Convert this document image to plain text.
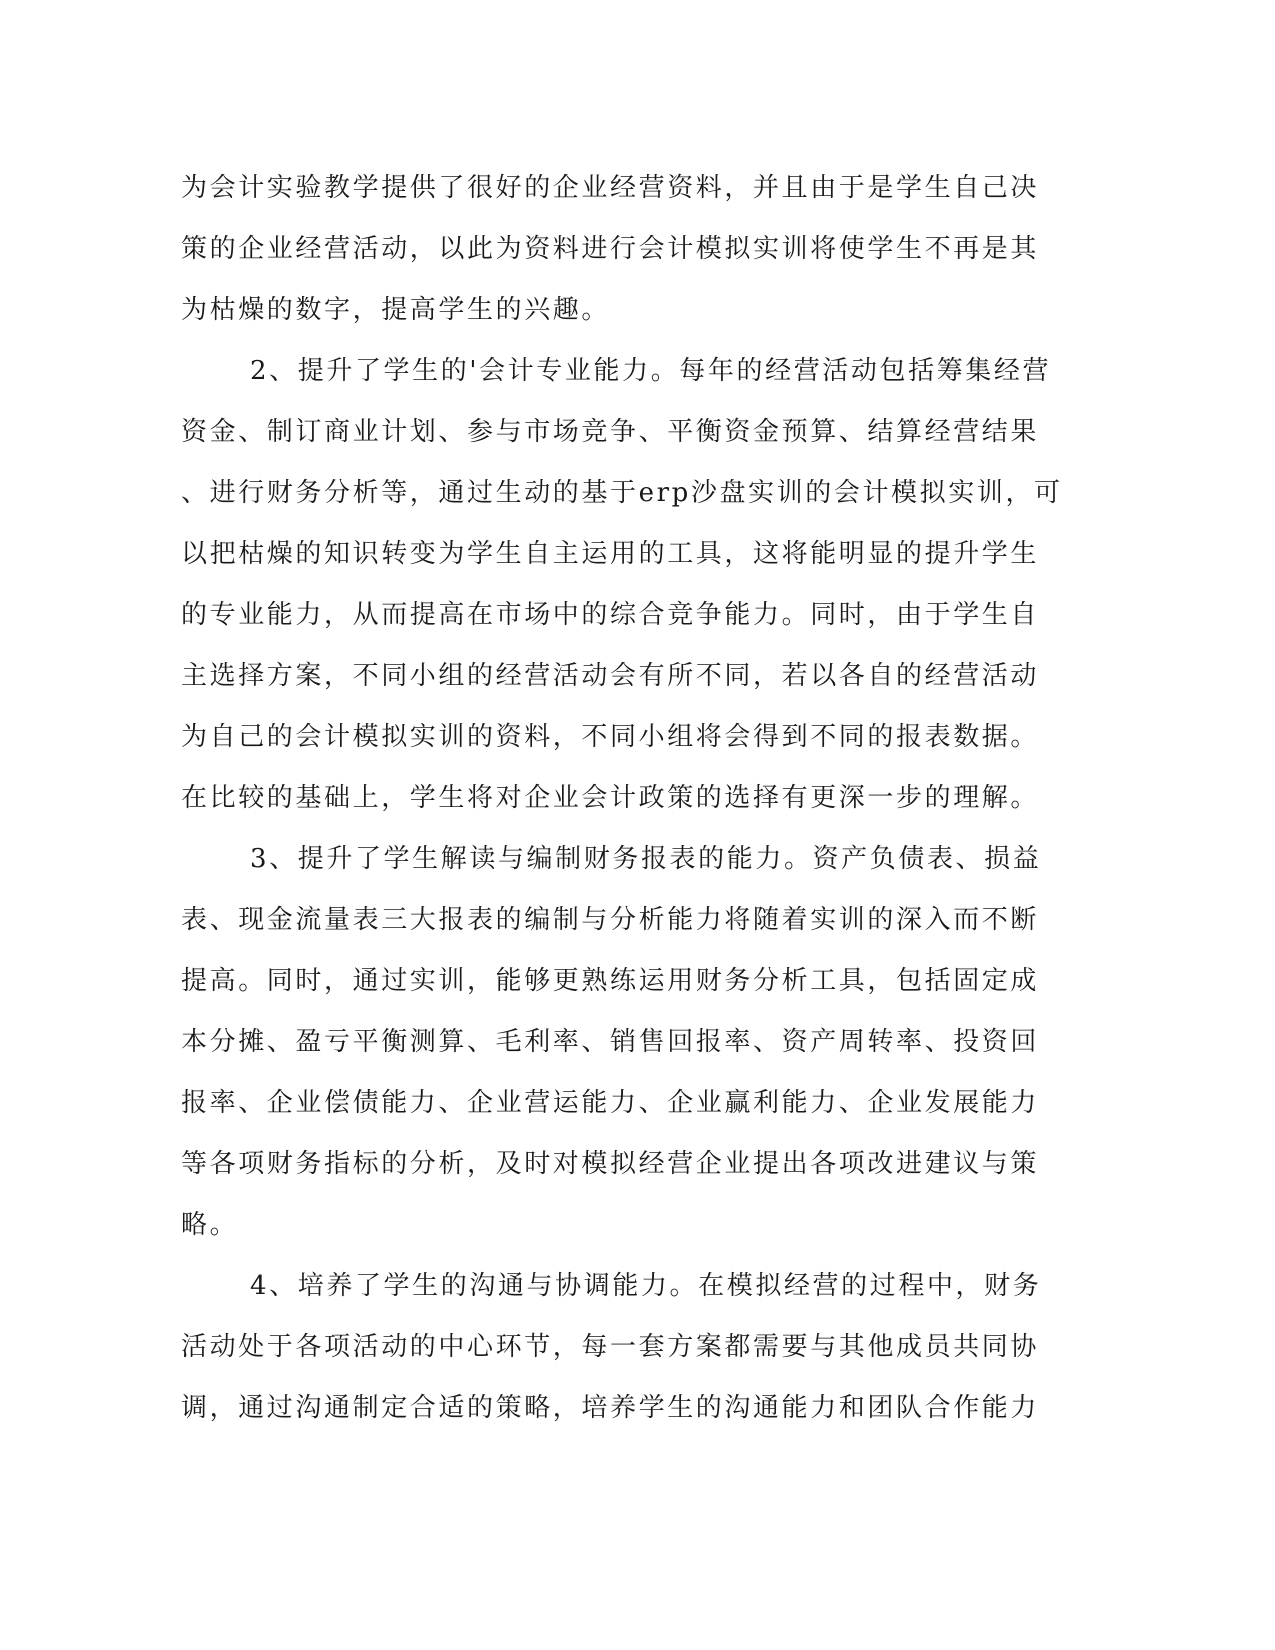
为会计实验教学提供了很好的企业经营资料，并且由于是学生自己决
策的企业经营活动，以此为资料进行会计模拟实训将使学生不再是其
为枯燥的数字，提高学生的兴趣。
2、提升了学生的'会计专业能力。每年的经营活动包括筹集经营
资金、制订商业计划、参与市场竞争、平衡资金预算、结算经营结果
、进行财务分析等，通过生动的基于erp沙盘实训的会计模拟实训，可
以把枯燥的知识转变为学生自主运用的工具，这将能明显的提升学生
的专业能力，从而提高在市场中的综合竞争能力。同时，由于学生自
主选择方案，不同小组的经营活动会有所不同，若以各自的经营活动
为自己的会计模拟实训的资料，不同小组将会得到不同的报表数据。
在比较的基础上，学生将对企业会计政策的选择有更深一步的理解。
3、提升了学生解读与编制财务报表的能力。资产负债表、损益
表、现金流量表三大报表的编制与分析能力将随着实训的深入而不断
提高。同时，通过实训，能够更熟练运用财务分析工具，包括固定成
本分摊、盈亏平衡测算、毛利率、销售回报率、资产周转率、投资回
报率、企业偿债能力、企业营运能力、企业赢利能力、企业发展能力
等各项财务指标的分析，及时对模拟经营企业提出各项改进建议与策
略。
4、培养了学生的沟通与协调能力。在模拟经营的过程中，财务
活动处于各项活动的中心环节，每一套方案都需要与其他成员共同协
调，通过沟通制定合适的策略，培养学生的沟通能力和团队合作能力
